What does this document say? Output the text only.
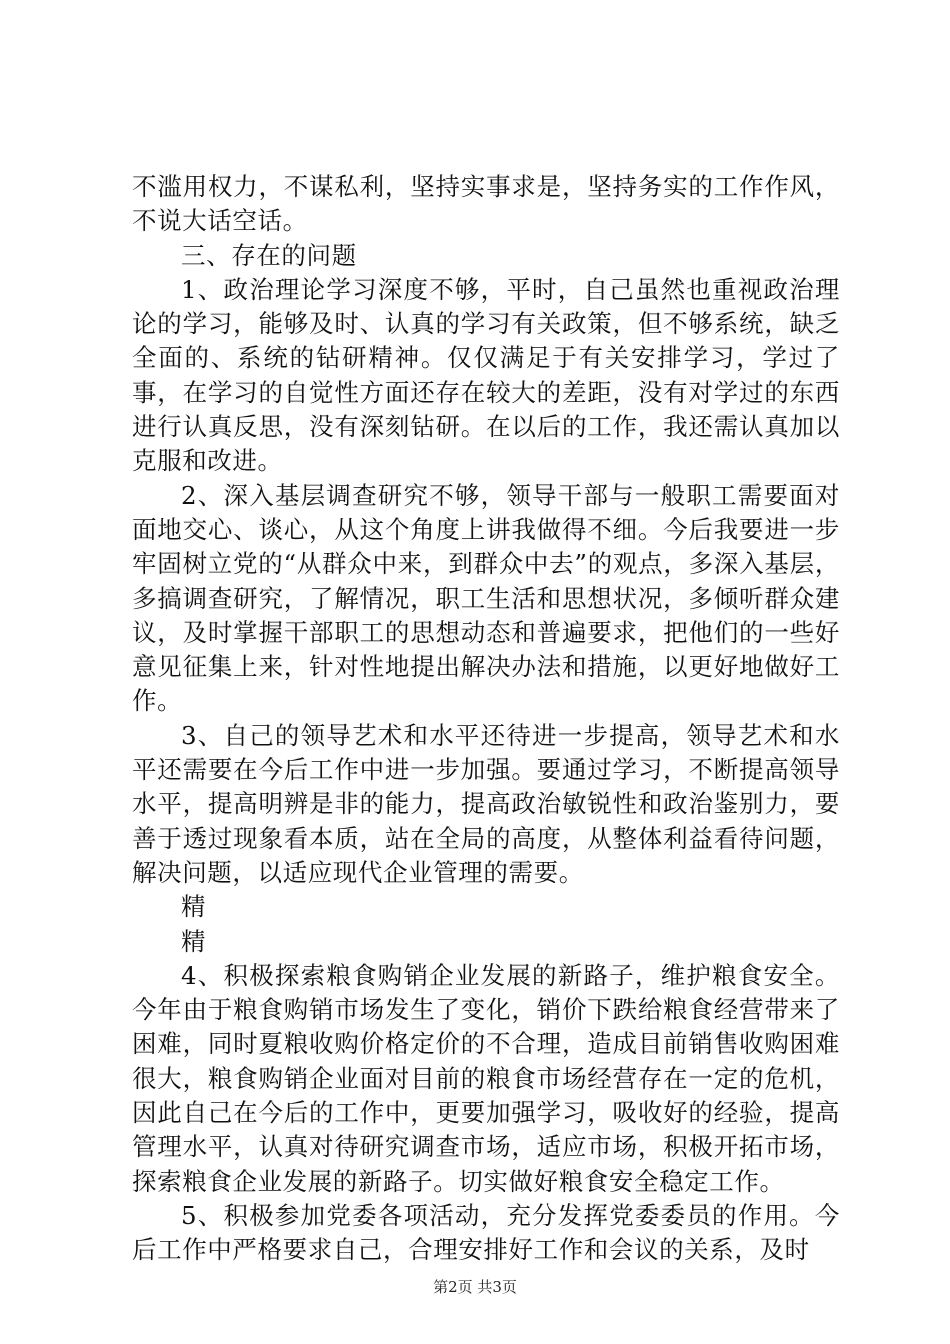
不滥用权力，不谋私利，坚持实事求是，坚持务实的工作作风，不说大话空话。

三、存在的问题

1、政治理论学习深度不够，平时，自己虽然也重视政治理论的学习，能够及时、认真的学习有关政策，但不够系统，缺乏全面的、系统的钻研精神。仅仅满足于有关安排学习，学过了事，在学习的自觉性方面还存在较大的差距，没有对学过的东西进行认真反思，没有深刻钻研。在以后的工作，我还需认真加以克服和改进。

2、深入基层调查研究不够，领导干部与一般职工需要面对面地交心、谈心，从这个角度上讲我做得不细。今后我要进一步牢固树立党的“从群众中来，到群众中去”的观点，多深入基层，多搞调查研究，了解情况，职工生活和思想状况，多倾听群众建议，及时掌握干部职工的思想动态和普遍要求，把他们的一些好意见征集上来，针对性地提出解决办法和措施，以更好地做好工作。

3、自己的领导艺术和水平还待进一步提高，领导艺术和水平还需要在今后工作中进一步加强。要通过学习，不断提高领导水平，提高明辨是非的能力，提高政治敏锐性和政治鉴别力，要善于透过现象看本质，站在全局的高度，从整体利益看待问题，解决问题，以适应现代企业管理的需要。

精

精

4、积极探索粮食购销企业发展的新路子，维护粮食安全。今年由于粮食购销市场发生了变化，销价下跌给粮食经营带来了困难，同时夏粮收购价格定价的不合理，造成目前销售收购困难很大，粮食购销企业面对目前的粮食市场经营存在一定的危机，因此自己在今后的工作中，更要加强学习，吸收好的经验，提高管理水平，认真对待研究调查市场，适应市场，积极开拓市场，探索粮食企业发展的新路子。切实做好粮食安全稳定工作。

5、积极参加党委各项活动，充分发挥党委委员的作用。今后工作中严格要求自己，合理安排好工作和会议的关系，及时

第2页 共3页
